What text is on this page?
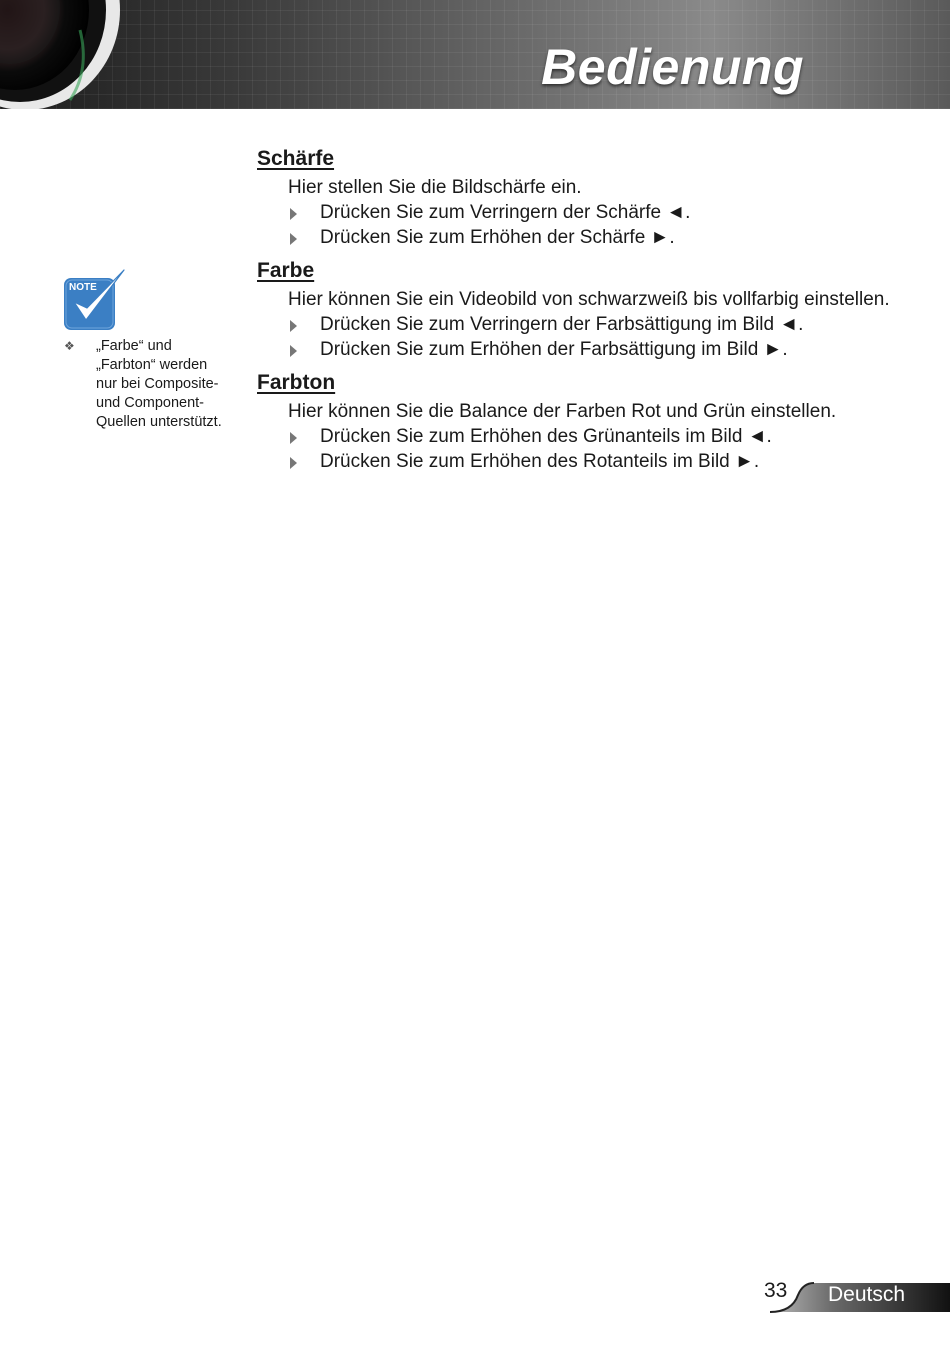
Bedienung
NOTE
❖ „Farbe“ und „Farbton“ werden nur bei Composite- und Component-Quellen unterstützt.
Schärfe

Hier stellen Sie die Bildschärfe ein.

Drücken Sie zum Verringern der Schärfe ◄.
Drücken Sie zum Erhöhen der Schärfe ►.
Farbe

Hier können Sie ein Videobild von schwarzweiß bis vollfarbig einstellen.

Drücken Sie zum Verringern der Farbsättigung im Bild ◄.
Drücken Sie zum Erhöhen der Farbsättigung im Bild ►.
Farbton

Hier können Sie die Balance der Farben Rot und Grün einstellen.

Drücken Sie zum Erhöhen des Grünanteils im Bild ◄.
Drücken Sie zum Erhöhen des Rotanteils im Bild ►.
33 Deutsch
